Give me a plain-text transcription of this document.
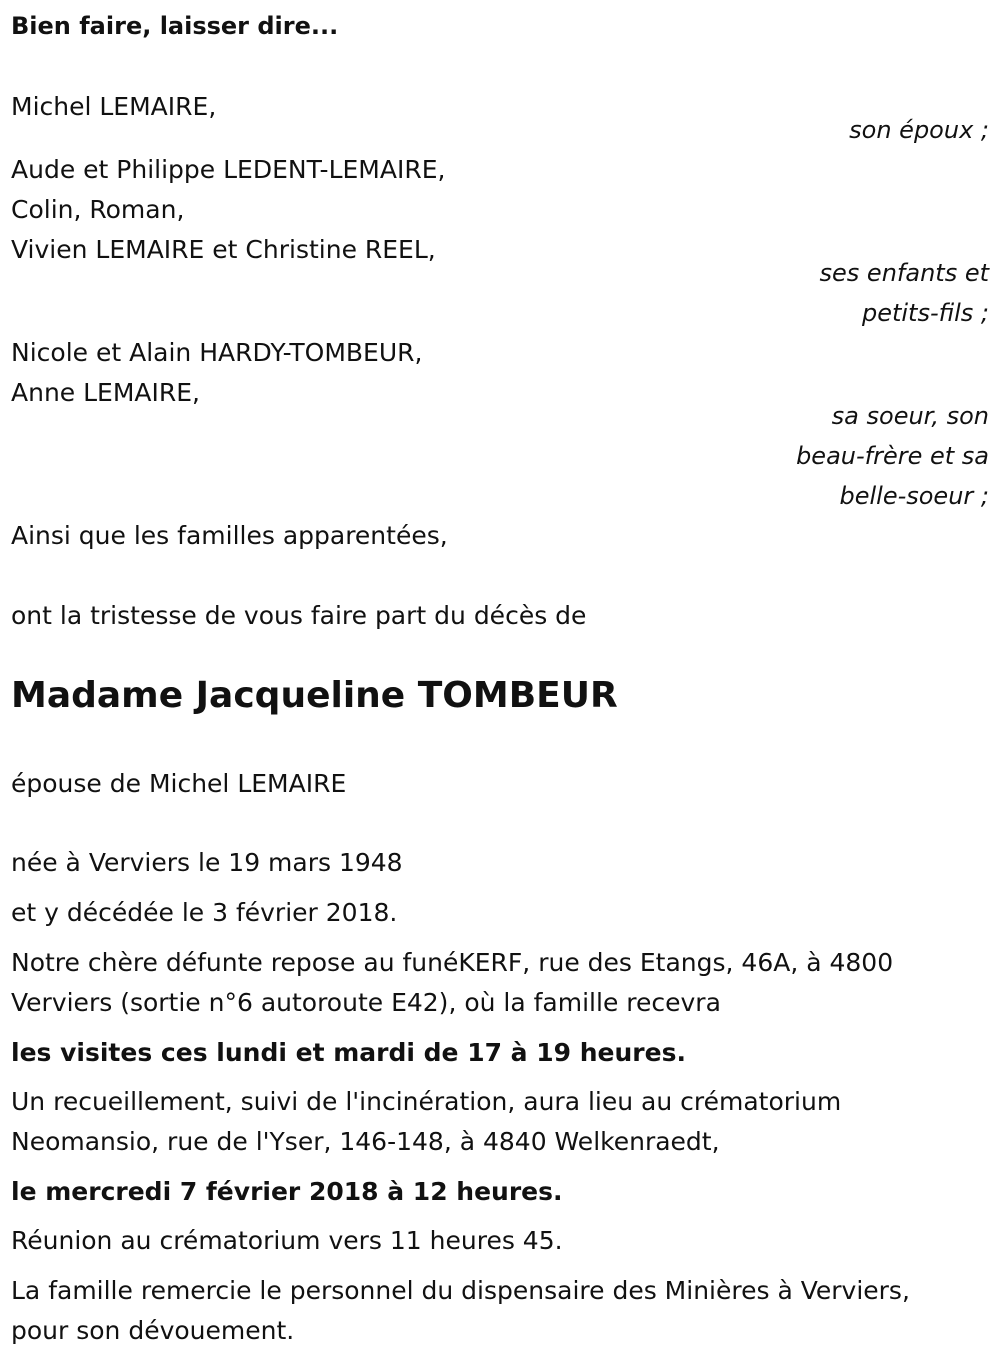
Bien faire, laisser dire...
Michel LEMAIRE,
son époux ;
Aude et Philippe LEDENT-LEMAIRE,
Colin, Roman,
Vivien LEMAIRE et Christine REEL,
ses enfants et
petits-fils ;
Nicole et Alain HARDY-TOMBEUR,
Anne LEMAIRE,
sa soeur, son
beau-frère et sa
belle-soeur ;
Ainsi que les familles apparentées,
ont la tristesse de vous faire part du décès de
Madame Jacqueline TOMBEUR
épouse de Michel LEMAIRE
née à Verviers le 19 mars 1948
et y décédée le 3 février 2018.
Notre chère défunte repose au funéKERF, rue des Etangs, 46A, à 4800
Verviers (sortie n°6 autoroute E42), où la famille recevra
les visites ces lundi et mardi de 17 à 19 heures.
Un recueillement, suivi de l'incinération, aura lieu au crématorium
Neomansio, rue de l'Yser, 146-148, à 4840 Welkenraedt,
le mercredi 7 février 2018 à 12 heures.
Réunion au crématorium vers 11 heures 45.
La famille remercie le personnel du dispensaire des Minières à Verviers,
pour son dévouement.
